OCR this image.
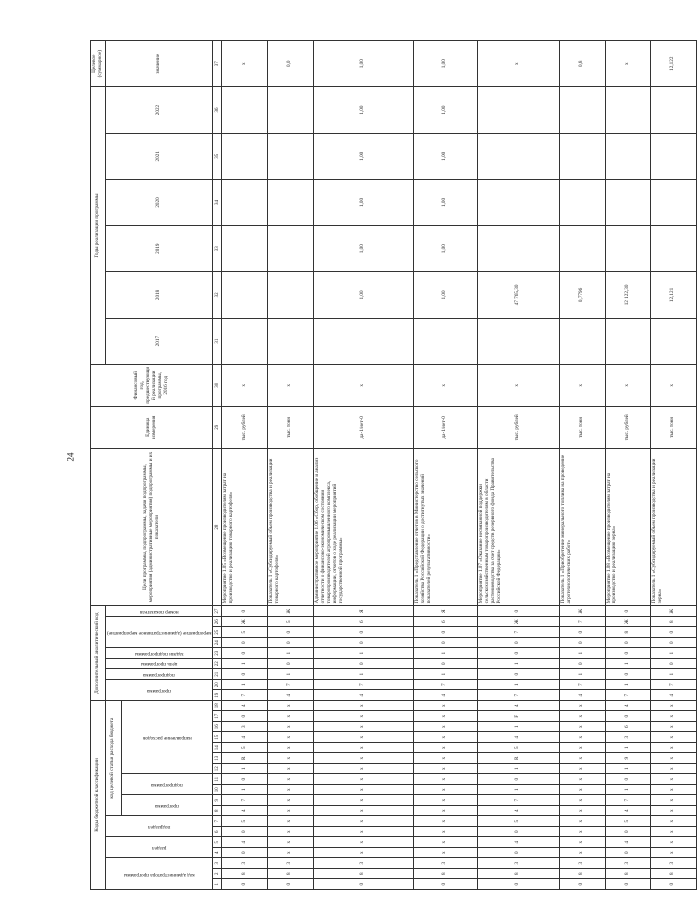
24
Коды бюджетной классификации																		Дополнительный аналитический код									Цели программы, подпрограммы, задачи подпрограммы, мероприятия (административные мероприятия) подпрограммы и их показатели	Единица измерения	Финансовый год, предшествующий реализации программы, 2016 год	Годы реализации программы						Целевое (суммарное)

код администратора программы			раздел		подраздел		код целевой статьи расхода бюджета											программа		подпрограмма	цель программы	задачи подпрограммы	мероприятие (административное мероприятие)			номер показателя				2017	2018	2019	2020	2021	2022	значение

							программа		подпрограмма		направление расходов																									

1	2	3	4	5	6	7	8	9	10	11	12	13	14	15	16	17	18	19	20	21	22	23	24	25	26	27	28	29	30	31	32	33	34	35	36	37
0	8	3	0	4	0	5	4	7	1	0	1	R	5	4	3	0	4	7	1	0	1	0	0	5	Ж	0	Мероприятие 1.05 «Возмещение производителям затрат на производство и реализацию товарного картофеля»	тыс. рублей	х							х
0	8	3	х	х	х	х	х	х	х	х	х	х	х	х	х	х	х	4	7	1	0	1	0	0	5	Ж	Показатель 1 «Субсидируемый объем производства и реализации товарного картофеля»	тыс. тонн	х							0,0
0	8	3	х	х	х	х	х	х	х	х	х	х	х	х	х	х	х	4	7	1	0	1	0	0	6	Я	Административное мероприятие 1.06 «Сбор, обобщение и анализ отчетности о финансово-экономическом состоянии товаропроизводителей агропромышленного комплекса, информации, отчетов о ходе реализации мероприятий государственной программы»	да-1/нет-0	х		1,00	1,00	1,00	1,00	1,00	1,00
0	8	3	х	х	х	х	х	х	х	х	х	х	х	х	х	х	х	4	7	1	0	1	0	0	6	Я	Показатель 1 «Представление отчетов в Министерство сельского хозяйства Российской Федерации о достигнутых значений показателей результативности»	да-1/нет-0	х		1,00	1,00	1,00	1,00	1,00	1,00
0	8	3	0	4	0	5	4	7	1	0	1	R	5	4	1	F	4	7	1	0	1	0	0	7	Ж	0	Мероприятие 1.07 «Оказание несвязанной поддержки сельскохозяйственным товаропроизводителям в области растениеводства за счет средств резервного фонда Правительства Российской Федерации»	тыс. рублей	х		47 765,30					х
0	8	3	х	х	х	х	х	х	х	х	х	х	х	х	х	х	х	4	7	1	0	1	0	0	7	Ж	Показатель 1 «Приобретение минерального топлива на проведение агротехнологических работ»	тыс. тонн	х		0,7796					0,8
0	8	3	0	4	0	5	4	7	1	0	1	9	1	3	6	0	4	7	1	0	1	0	0	8	Ж	0	Мероприятие 1.08 «Возмещение производителям затрат на производство и реализацию зерна»	тыс. рублей	х		12 122,30					х
0	8	3	х	х	х	х	х	х	х	х	х	х	х	х	х	х	х	4	7	1	0	1	0	0	8	Ж	Показатель 1 «Субсидируемый объем производства и реализации зерна»	тыс. тонн	х		12,121					12,122
